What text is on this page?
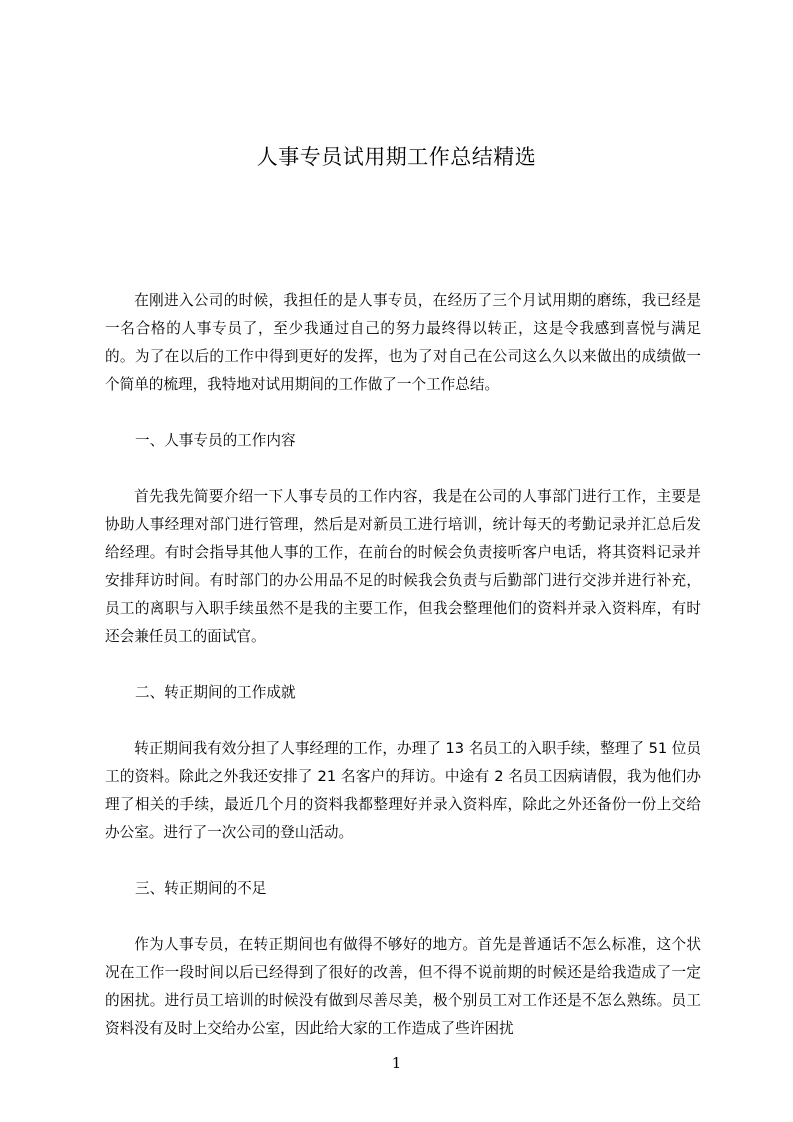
人事专员试用期工作总结精选

在刚进入公司的时候，我担任的是人事专员，在经历了三个月试用期的磨练，我已经是一名合格的人事专员了，至少我通过自己的努力最终得以转正，这是令我感到喜悦与满足的。为了在以后的工作中得到更好的发挥，也为了对自己在公司这么久以来做出的成绩做一个简单的梳理，我特地对试用期间的工作做了一个工作总结。

一、人事专员的工作内容

首先我先简要介绍一下人事专员的工作内容，我是在公司的人事部门进行工作，主要是协助人事经理对部门进行管理，然后是对新员工进行培训，统计每天的考勤记录并汇总后发给经理。有时会指导其他人事的工作，在前台的时候会负责接听客户电话，将其资料记录并安排拜访时间。有时部门的办公用品不足的时候我会负责与后勤部门进行交涉并进行补充，员工的离职与入职手续虽然不是我的主要工作，但我会整理他们的资料并录入资料库，有时还会兼任员工的面试官。

二、转正期间的工作成就

转正期间我有效分担了人事经理的工作，办理了 13 名员工的入职手续，整理了 51 位员工的资料。除此之外我还安排了 21 名客户的拜访。中途有 2 名员工因病请假，我为他们办理了相关的手续，最近几个月的资料我都整理好并录入资料库，除此之外还备份一份上交给办公室。进行了一次公司的登山活动。

三、转正期间的不足

作为人事专员，在转正期间也有做得不够好的地方。首先是普通话不怎么标准，这个状况在工作一段时间以后已经得到了很好的改善，但不得不说前期的时候还是给我造成了一定的困扰。进行员工培训的时候没有做到尽善尽美，极个别员工对工作还是不怎么熟练。员工资料没有及时上交给办公室，因此给大家的工作造成了些许困扰

1
